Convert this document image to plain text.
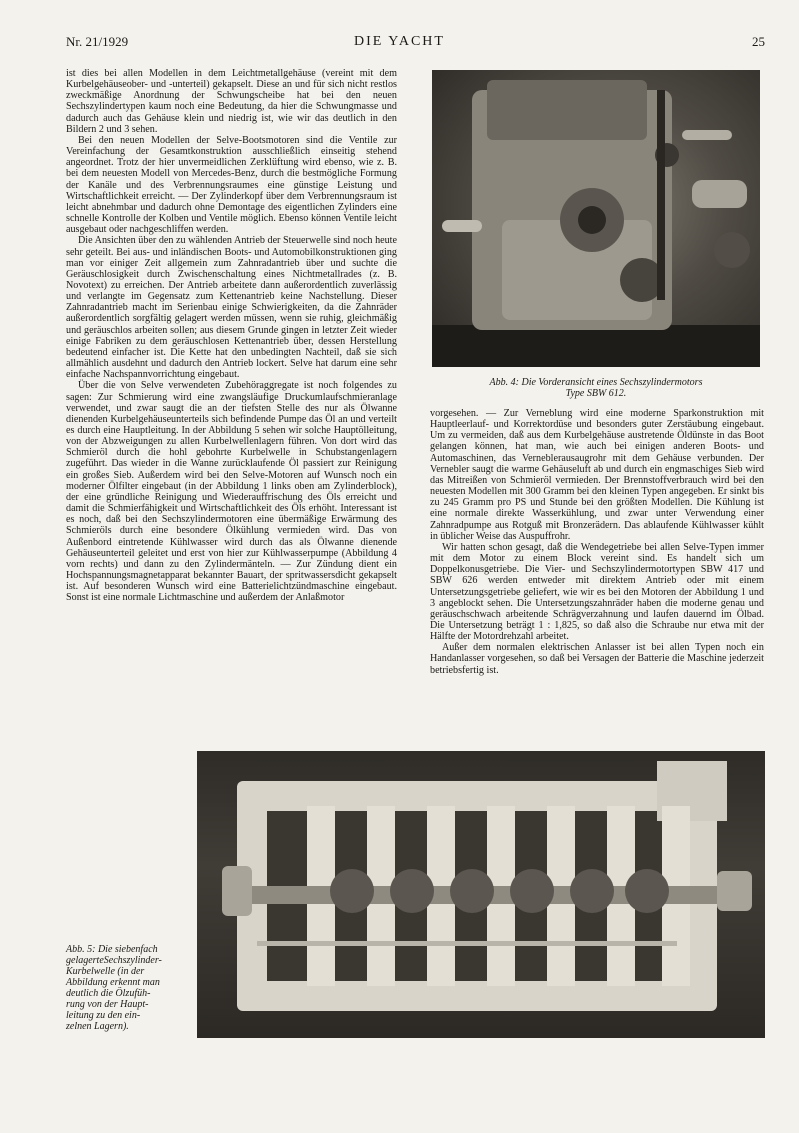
Nr. 21/1929	DIE YACHT	25

ist dies bei allen Modellen in dem Leichtmetallgehäuse (vereint mit dem Kurbelgehäuseober- und -unterteil) gekapselt. Diese an und für sich nicht restlos zweckmäßige Anordnung der Schwungscheibe hat bei den neuen Sechszylindertypen kaum noch eine Bedeutung, da hier die Schwungmasse und dadurch auch das Gehäuse klein und niedrig ist, wie wir das deutlich in den Bildern 2 und 3 sehen.

Bei den neuen Modellen der Selve-Bootsmotoren sind die Ventile zur Vereinfachung der Gesamtkonstruktion ausschließlich einseitig stehend angeordnet. Trotz der hier unvermeidlichen Zerklüftung wird ebenso, wie z. B. bei dem neuesten Modell von Mercedes-Benz, durch die bestmögliche Formung der Kanäle und des Verbrennungsraumes eine günstige Leistung und Wirtschaftlichkeit erreicht. — Der Zylinderkopf über dem Verbrennungsraum ist leicht abnehmbar und dadurch ohne Demontage des eigentlichen Zylinders eine schnelle Kontrolle der Kolben und Ventile möglich. Ebenso können Ventile leicht ausgebaut oder nachgeschliffen werden.

Die Ansichten über den zu wählenden Antrieb der Steuerwelle sind noch heute sehr geteilt. Bei aus- und inländischen Boots- und Automobilkonstruktionen ging man vor einiger Zeit allgemein zum Zahnradantrieb über und suchte die Geräuschlosigkeit durch Zwischenschaltung eines Nichtmetallrades (z. B. Novotext) zu erreichen. Der Antrieb arbeitete dann außerordentlich zuverlässig und verlangte im Gegensatz zum Kettenantrieb keine Nachstellung. Dieser Zahnradantrieb macht im Serienbau einige Schwierigkeiten, da die Zahnräder außerordentlich sorgfältig gelagert werden müssen, wenn sie ruhig, gleichmäßig und geräuschlos arbeiten sollen; aus diesem Grunde gingen in letzter Zeit wieder einige Fabriken zu dem geräuschlosen Kettenantrieb über, dessen Herstellung bedeutend einfacher ist. Die Kette hat den unbedingten Nachteil, daß sie sich allmählich ausdehnt und dadurch den Antrieb lockert. Selve hat darum eine sehr einfache Nachspannvorrichtung eingebaut.

Über die von Selve verwendeten Zubehöraggregate ist noch folgendes zu sagen: Zur Schmierung wird eine zwangsläufige Druckumlaufschmieranlage verwendet, und zwar saugt die an der tiefsten Stelle des nur als Ölwanne dienenden Kurbelgehäuseunterteils sich befindende Pumpe das Öl an und verteilt es durch eine Hauptleitung. In der Abbildung 5 sehen wir solche Hauptölleitung, von der Abzweigungen zu allen Kurbelwellenlagern führen. Von dort wird das Schmieröl durch die hohl gebohrte Kurbelwelle in Schubstangenlagern zugeführt. Das wieder in die Wanne zurücklaufende Öl passiert zur Reinigung ein großes Sieb. Außerdem wird bei den Selve-Motoren auf Wunsch noch ein moderner Ölfilter eingebaut (in der Abbildung 1 links oben am Zylinderblock), der eine gründliche Reinigung und Wiederauffrischung des Öls erreicht und damit die Schmierfähigkeit und Wirtschaftlichkeit des Öls erhöht. Interessant ist es noch, daß bei den Sechszylindermotoren eine übermäßige Erwärmung des Schmieröls durch eine besondere Ölkühlung vermieden wird. Das von Außenbord eintretende Kühlwasser wird durch das als Ölwanne dienende Gehäuseunterteil geleitet und erst von hier zur Kühlwasserpumpe (Abbildung 4 vorn rechts) und dann zu den Zylindermänteln. — Zur Zündung dient ein Hochspannungsmagnetapparat bekannter Bauart, der spritwassersdicht gekapselt ist. Auf besonderen Wunsch wird eine Batterielichtzündmaschine eingebaut. Sonst ist eine normale Lichtmaschine und außerdem der Anlaßmotor

Abb. 4: Die Vorderansicht eines Sechszylindermotors
Type SBW 612.

vorgesehen. — Zur Verneblung wird eine moderne Sparkonstruktion mit Hauptleerlauf- und Korrektordüse und besonders guter Zerstäubung eingebaut. Um zu vermeiden, daß aus dem Kurbelgehäuse austretende Öldünste in das Boot gelangen können, hat man, wie auch bei einigen anderen Boots- und Automaschinen, das Verneblerausaugrohr mit dem Gehäuse verbunden. Der Vernebler saugt die warme Gehäuseluft ab und durch ein engmaschiges Sieb wird das Mitreißen von Schmieröl vermieden. Der Brennstoffverbrauch wird bei den neuesten Modellen mit 300 Gramm bei den kleinen Typen angegeben. Er sinkt bis zu 245 Gramm pro PS und Stunde bei den größten Modellen. Die Kühlung ist eine normale direkte Wasserkühlung, und zwar unter Verwendung einer Zahnradpumpe aus Rotguß mit Bronzerädern. Das ablaufende Kühlwasser kühlt in üblicher Weise das Auspuffrohr.

Wir hatten schon gesagt, daß die Wendegetriebe bei allen Selve-Typen immer mit dem Motor zu einem Block vereint sind. Es handelt sich um Doppelkonusgetriebe. Die Vier- und Sechszylindermotortypen SBW 417 und SBW 626 werden entweder mit direktem Antrieb oder mit einem Untersetzungsgetriebe geliefert, wie wir es bei den Motoren der Abbildung 1 und 3 angeblockt sehen. Die Untersetzungszahnräder haben die moderne genau und geräuschschwach arbeitende Schrägverzahnung und laufen dauernd im Ölbad. Die Untersetzung beträgt 1 : 1,825, so daß also die Schraube nur etwa mit der Hälfte der Motordrehzahl arbeitet.

Außer dem normalen elektrischen Anlasser ist bei allen Typen noch ein Handanlasser vorgesehen, so daß bei Versagen der Batterie die Maschine jederzeit betriebsfertig ist.

Abb. 5: Die siebenfach
gelagerteSechszylinder-
Kurbelwelle (in der
Abbildung erkennt man
deutlich die Ölzufüh-
rung von der Haupt-
leitung zu den ein-
zelnen Lagern).
